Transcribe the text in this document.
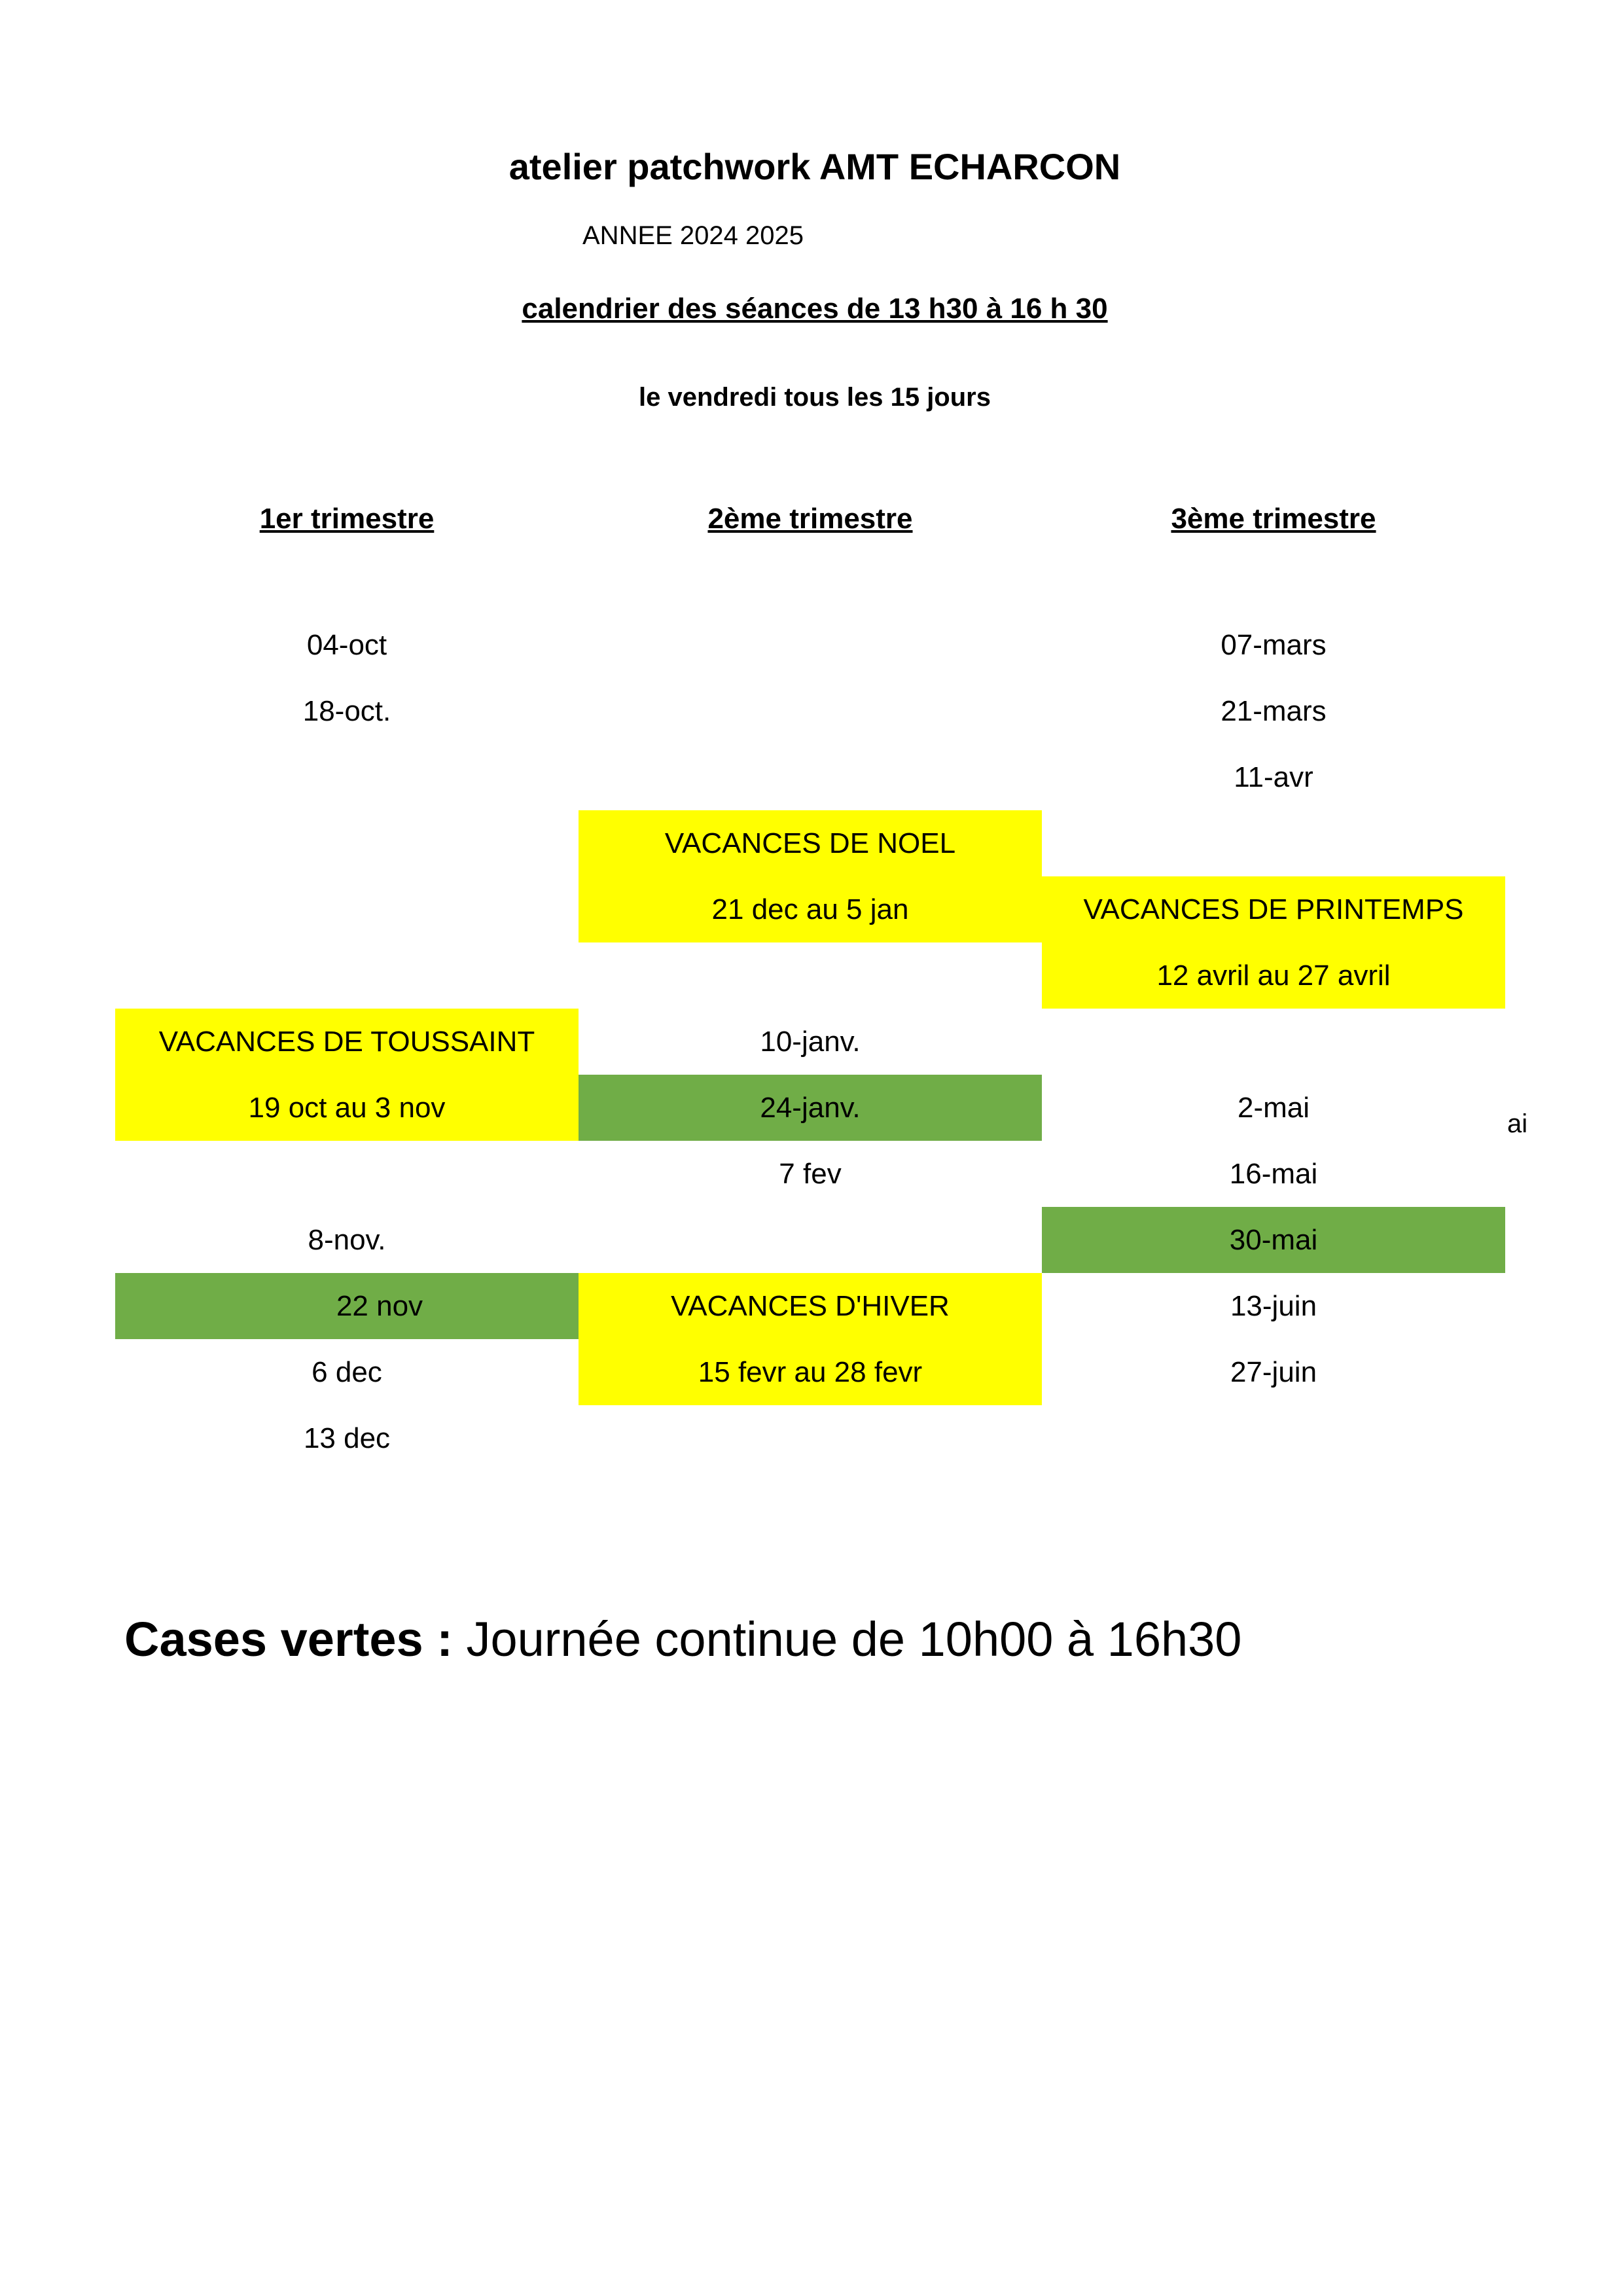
atelier patchwork AMT ECHARCON
ANNEE 2024 2025
calendrier des séances de 13 h30 à 16 h 30
le vendredi tous les 15 jours
1er trimestre	2ème trimestre	3ème trimestre
04-oct
18-oct.
VACANCES DE TOUSSAINT
19 oct au 3 nov
8-nov.
22 nov
6 dec
13 dec
VACANCES DE NOEL
21 dec au 5 jan
10-janv.
24-janv.
7 fev
VACANCES D'HIVER
15 fevr au 28 fevr
07-mars
21-mars
11-avr
VACANCES DE PRINTEMPS
12 avril au 27 avril
2-mai
16-mai
30-mai
13-juin
27-juin
ai
Cases vertes : Journée continue de 10h00 à 16h30
